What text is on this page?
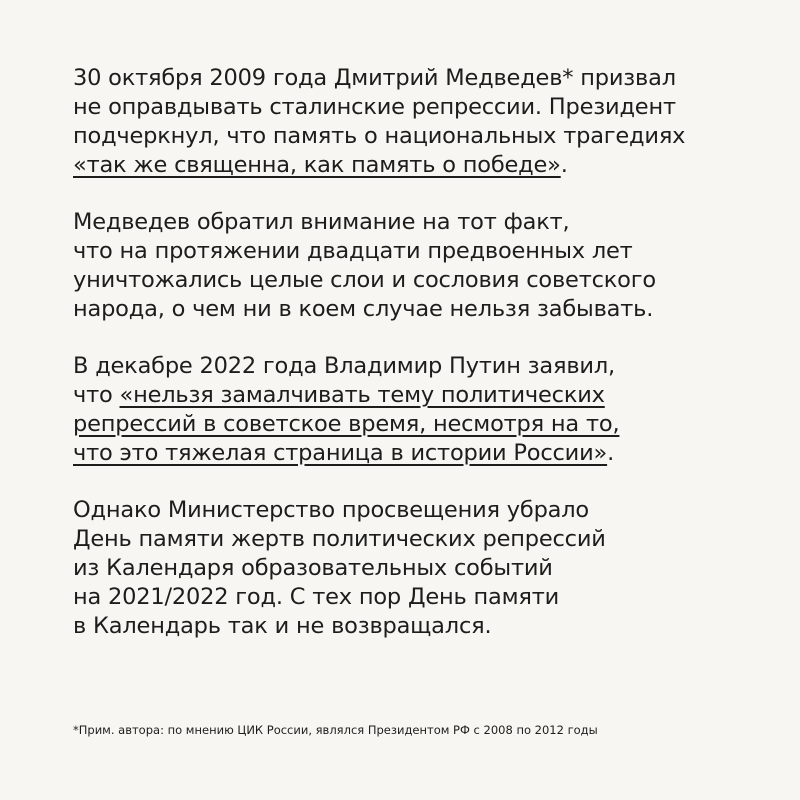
30 октября 2009 года Дмитрий Медведев* призвал
не оправдывать сталинские репрессии. Президент
подчеркнул, что память о национальных трагедиях
«так же священна, как память о победе».

Медведев обратил внимание на тот факт,
что на протяжении двадцати предвоенных лет
уничтожались целые слои и сословия советского
народа, о чем ни в коем случае нельзя забывать.

В декабре 2022 года Владимир Путин заявил,
что «нельзя замалчивать тему политических
репрессий в советское время, несмотря на то,
что это тяжелая страница в истории России».

Однако Министерство просвещения убрало
День памяти жертв политических репрессий
из Календаря образовательных событий
на 2021/2022 год. С тех пор День памяти
в Календарь так и не возвращался.

*Прим. автора: по мнению ЦИК России, являлся Президентом РФ с 2008 по 2012 годы
